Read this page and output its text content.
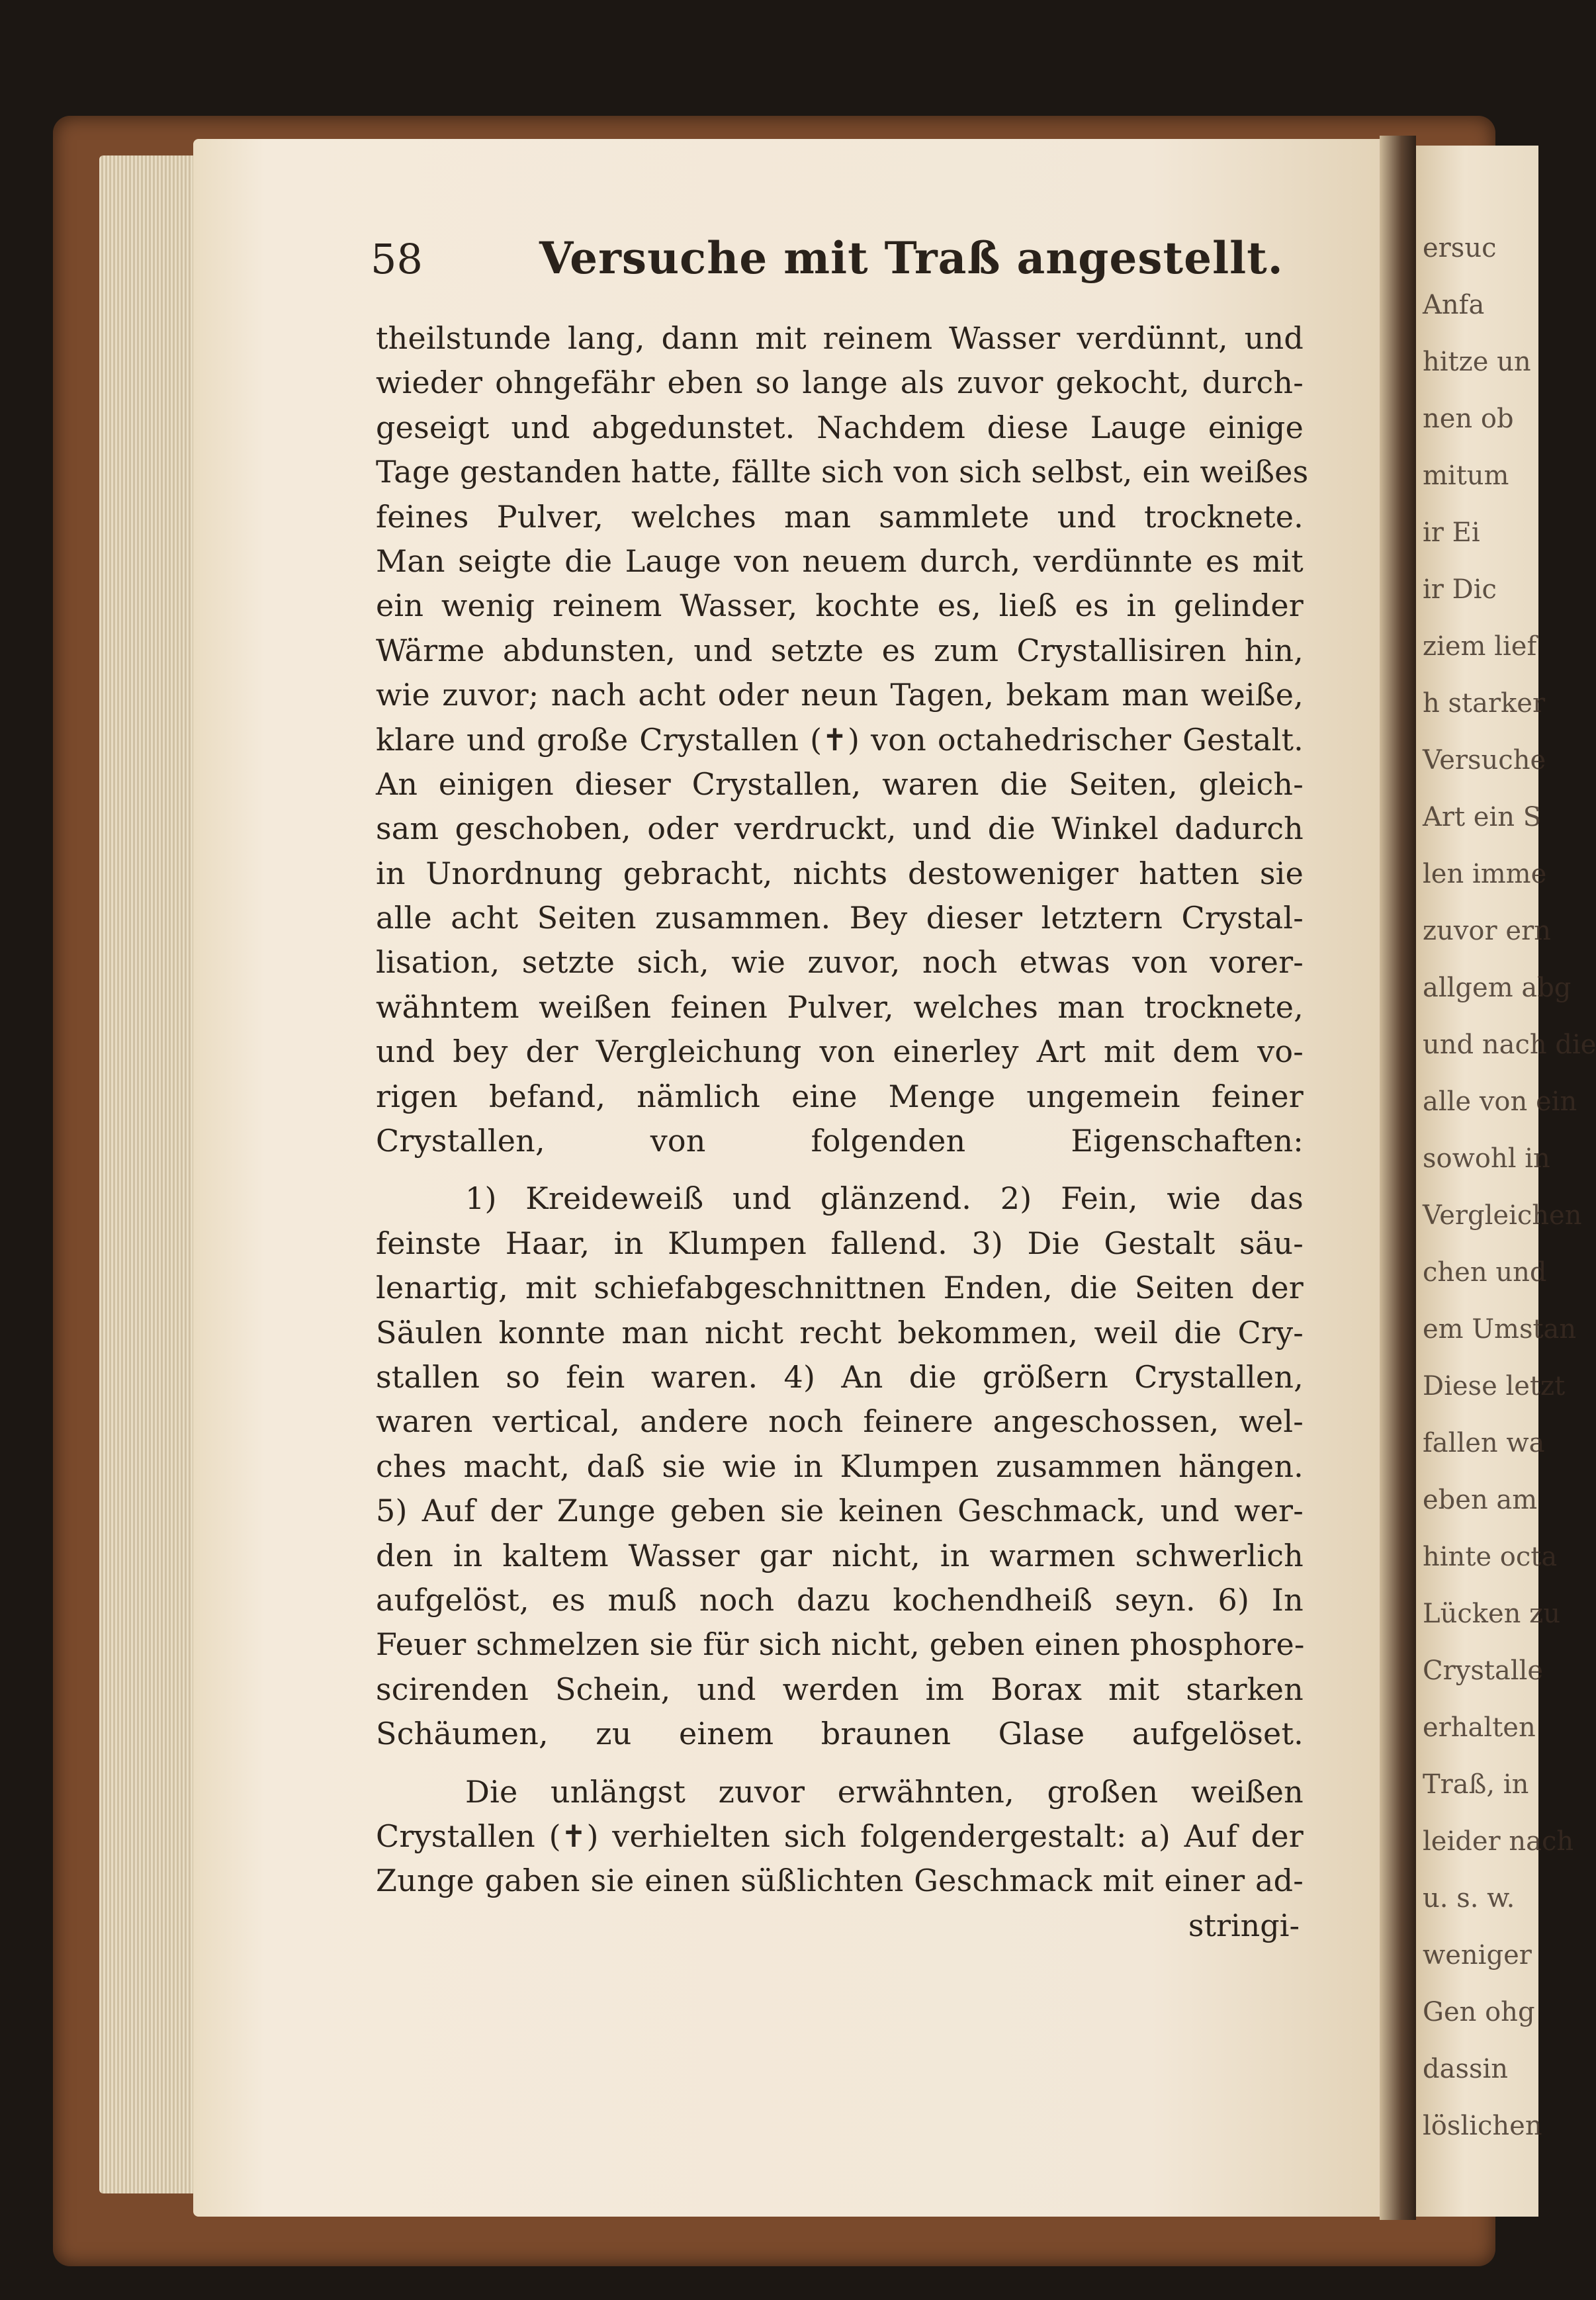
ersuc
Anfa
hitze un
nen ob
mitum
ir Ei
ir Dic
ziem lief
h starker
Versuche
Art ein S
len imme
zuvor ern
allgem abg
und nach die
alle von ein
sowohl in
Vergleichen
chen und
em Umstan
Diese letzt
fallen wa
eben am
hinte octa
Lücken zu
Crystalle
erhalten
Traß, in
leider nach
u. s. w.
weniger
Gen ohg
dassin
löslichen
58	Versuche mit Traß angestellt.
theilstunde lang, dann mit reinem Wasser verdünnt, und
wieder ohngefähr eben so lange als zuvor gekocht, durch-
geseigt und abgedunstet. Nachdem diese Lauge einige
Tage gestanden hatte, fällte sich von sich selbst, ein weißes
feines Pulver, welches man sammlete und trocknete.
Man seigte die Lauge von neuem durch, verdünnte es mit
ein wenig reinem Wasser, kochte es, ließ es in gelinder
Wärme abdunsten, und setzte es zum Crystallisiren hin,
wie zuvor; nach acht oder neun Tagen, bekam man weiße,
klare und große Crystallen (✝) von octahedrischer Gestalt.
An einigen dieser Crystallen, waren die Seiten, gleich-
sam geschoben, oder verdruckt, und die Winkel dadurch
in Unordnung gebracht, nichts destoweniger hatten sie
alle acht Seiten zusammen. Bey dieser letztern Crystal-
lisation, setzte sich, wie zuvor, noch etwas von vorer-
wähntem weißen feinen Pulver, welches man trocknete,
und bey der Vergleichung von einerley Art mit dem vo-
rigen befand, nämlich eine Menge ungemein feiner
Crystallen, von folgenden Eigenschaften:
1) Kreideweiß und glänzend. 2) Fein, wie das
feinste Haar, in Klumpen fallend. 3) Die Gestalt säu-
lenartig, mit schiefabgeschnittnen Enden, die Seiten der
Säulen konnte man nicht recht bekommen, weil die Cry-
stallen so fein waren. 4) An die größern Crystallen,
waren vertical, andere noch feinere angeschossen, wel-
ches macht, daß sie wie in Klumpen zusammen hängen.
5) Auf der Zunge geben sie keinen Geschmack, und wer-
den in kaltem Wasser gar nicht, in warmen schwerlich
aufgelöst, es muß noch dazu kochendheiß seyn. 6) In
Feuer schmelzen sie für sich nicht, geben einen phosphore-
scirenden Schein, und werden im Borax mit starken
Schäumen, zu einem braunen Glase aufgelöset.
Die unlängst zuvor erwähnten, großen weißen
Crystallen (✝) verhielten sich folgendergestalt: a) Auf der
Zunge gaben sie einen süßlichten Geschmack mit einer ad-
stringi-
